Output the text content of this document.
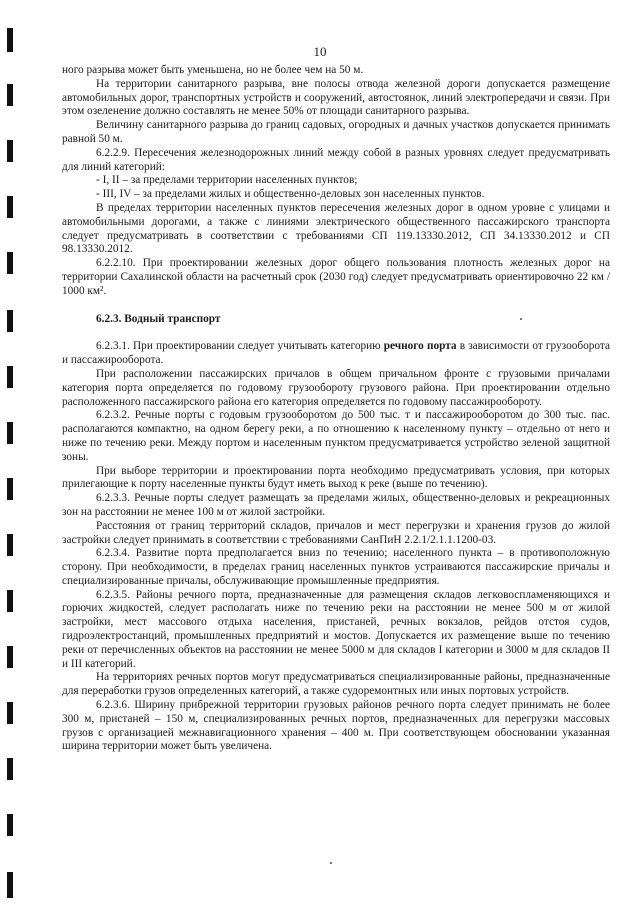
10

ного разрыва может быть уменьшена, но не более чем на 50 м.

На территории санитарного разрыва, вне полосы отвода железной дороги допускается размещение автомобильных дорог, транспортных устройств и сооружений, автостоянок, линий электропередачи и связи. При этом озеленение должно составлять не менее 50% от площади санитарного разрыва.

Величину санитарного разрыва до границ садовых, огородных и дачных участков допускается принимать равной 50 м.

6.2.2.9. Пересечения железнодорожных линий между собой в разных уровнях следует предусматривать для линий категорий:

- I, II – за пределами территории населенных пунктов;

- III, IV – за пределами жилых и общественно-деловых зон населенных пунктов.

В пределах территории населенных пунктов пересечения железных дорог в одном уровне с улицами и автомобильными дорогами, а также с линиями электрического общественного пассажирского транспорта следует предусматривать в соответствии с требованиями СП 119.13330.2012, СП 34.13330.2012 и СП 98.13330.2012.

6.2.2.10. При проектировании железных дорог общего пользования плотность железных дорог на территории Сахалинской области на расчетный срок (2030 год) следует предусматривать ориентировочно 22 км / 1000 км².

6.2.3. Водный транспорт

6.2.3.1. При проектировании следует учитывать категорию речного порта в зависимости от грузооборота и пассажирооборота.

При расположении пассажирских причалов в общем причальном фронте с грузовыми причалами категория порта определяется по годовому грузообороту грузового района. При проектировании отдельно расположенного пассажирского района его категория определяется по годовому пассажирообороту.

6.2.3.2. Речные порты с годовым грузооборотом до 500 тыс. т и пассажирооборотом до 300 тыс. пас. располагаются компактно, на одном берегу реки, а по отношению к населенному пункту – отдельно от него и ниже по течению реки. Между портом и населенным пунктом предусматривается устройство зеленой защитной зоны.

При выборе территории и проектировании порта необходимо предусматривать условия, при которых прилегающие к порту населенные пункты будут иметь выход к реке (выше по течению).

6.2.3.3. Речные порты следует размещать за пределами жилых, общественно-деловых и рекреационных зон на расстоянии не менее 100 м от жилой застройки.

Расстояния от границ территорий складов, причалов и мест перегрузки и хранения грузов до жилой застройки следует принимать в соответствии с требованиями СанПиН 2.2.1/2.1.1.1200-03.

6.2.3.4. Развитие порта предполагается вниз по течению; населенного пункта – в противоположную сторону. При необходимости, в пределах границ населенных пунктов устраиваются пассажирские причалы и специализированные причалы, обслуживающие промышленные предприятия.

6.2.3.5. Районы речного порта, предназначенные для размещения складов легковоспламеняющихся и горючих жидкостей, следует располагать ниже по течению реки на расстоянии не менее 500 м от жилой застройки, мест массового отдыха населения, пристаней, речных вокзалов, рейдов отстоя судов, гидроэлектростанций, промышленных предприятий и мостов. Допускается их размещение выше по течению реки от перечисленных объектов на расстоянии не менее 5000 м для складов I категории и 3000 м для складов II и III категорий.

На территориях речных портов могут предусматриваться специализированные районы, предназначенные для переработки грузов определенных категорий, а также судоремонтных или иных портовых устройств.

6.2.3.6. Ширину прибрежной территории грузовых районов речного порта следует принимать не более 300 м, пристаней – 150 м, специализированных речных портов, предназначенных для перегрузки массовых грузов с организацией межнавигационного хранения – 400 м. При соответствующем обосновании указанная ширина территории может быть увеличена.
